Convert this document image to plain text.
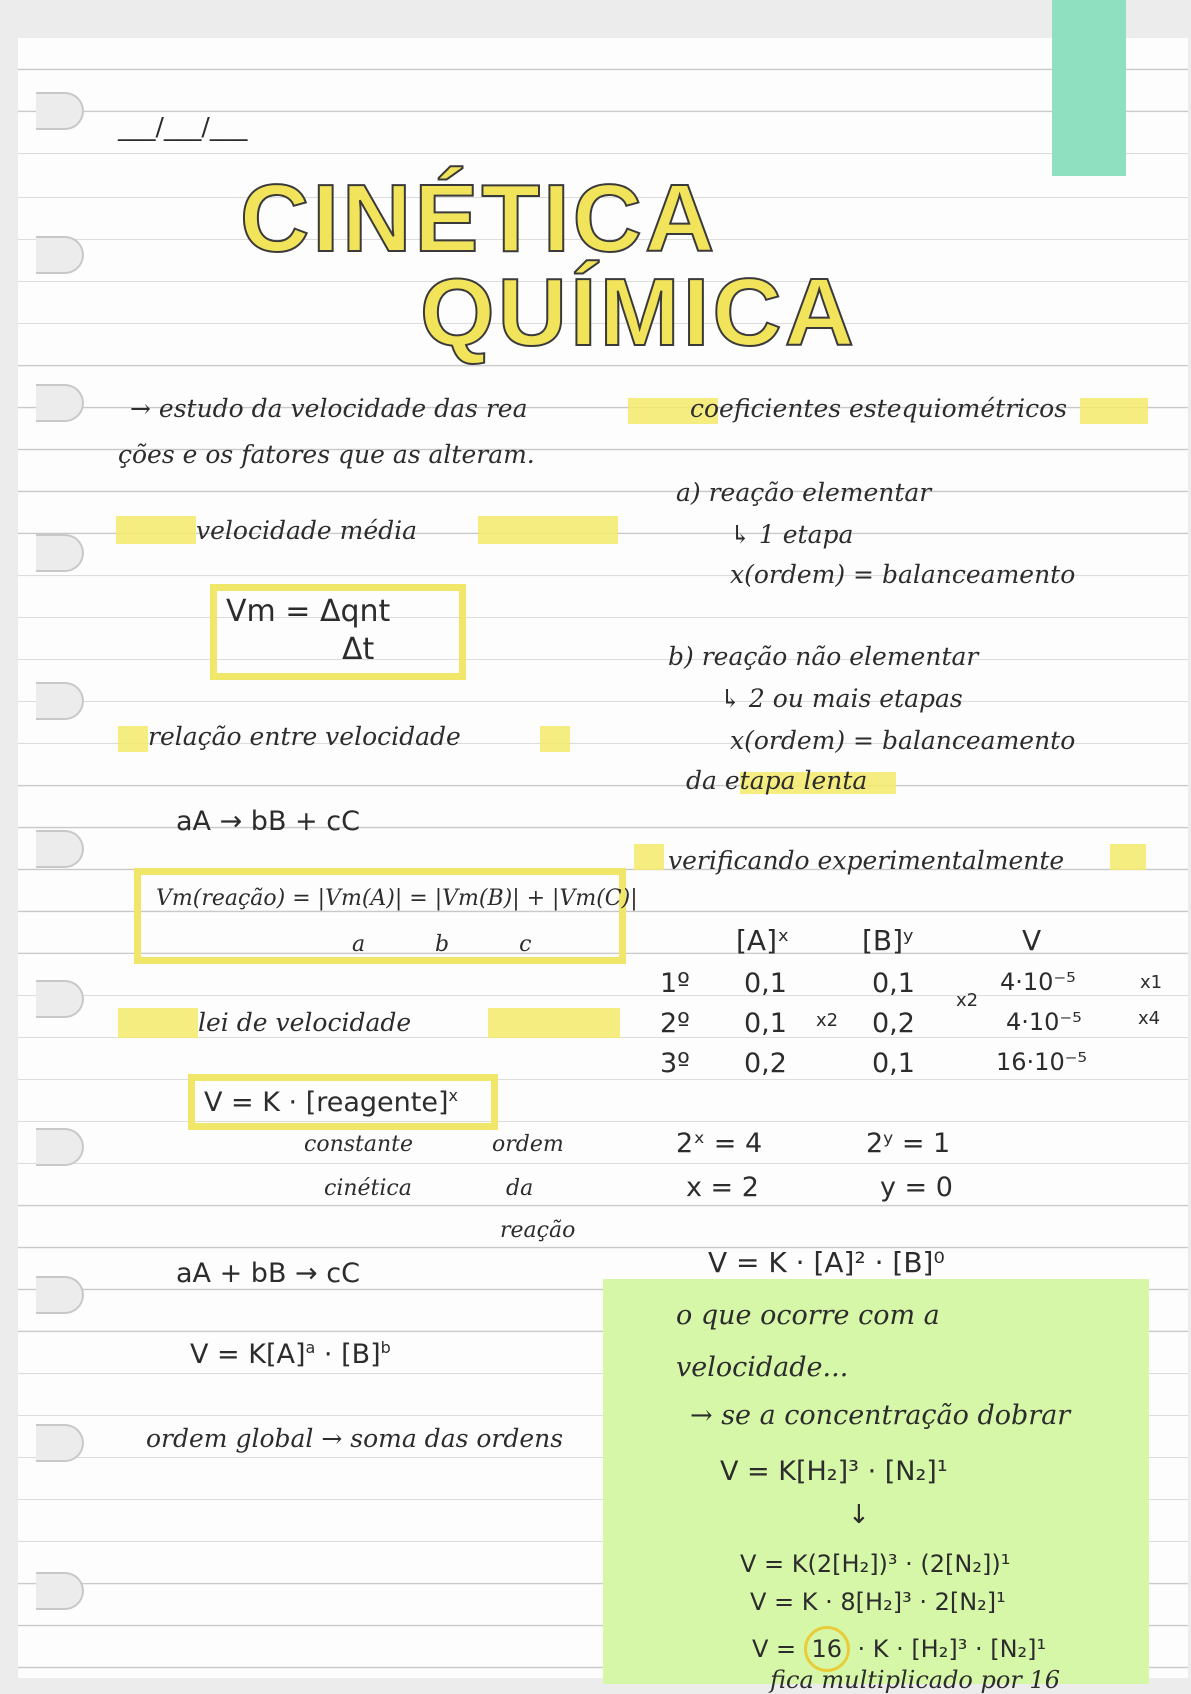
___/___/___
CINÉTICA
QUÍMICA
→ estudo da velocidade das rea
ções e os fatores que as alteram.
velocidade média
Vm = Δqnt
Δt
relação entre velocidade
aA → bB + cC
Vm(reação) = |Vm(A)| = |Vm(B)| + |Vm(C)|
a          b          c
lei de velocidade
V = K · [reagente]$^x$
constante
cinética
ordem
da
reação
aA + bB → cC
$V = K[A]^a \cdot [B]^b$
ordem global → soma das ordens
coeficientes estequiométricos
a) reação elementar
↳ 1 etapa
x(ordem) = balanceamento
b) reação não elementar
↳ 2 ou mais etapas
x(ordem) = balanceamento
da etapa lenta
verificando experimentalmente
[A]ˣ	[B]ʸ	V
1º 0,1	0,1	4·10⁻⁵
2º 0,1	0,2	4·10⁻⁵
3º 0,2	0,1	16·10⁻⁵
x2
x2
x1
x4
2ˣ = 4
x = 2
2ʸ = 1
y = 0
V = K · [A]² · [B]⁰
o que ocorre com a
velocidade...
→ se a concentração dobrar
V = K[H₂]³ · [N₂]¹
↓
V = K(2[H₂])³ · (2[N₂])¹
V = K · 8[H₂]³ · 2[N₂]¹
V = 16 · K · [H₂]³ · [N₂]¹
fica multiplicado por 16
